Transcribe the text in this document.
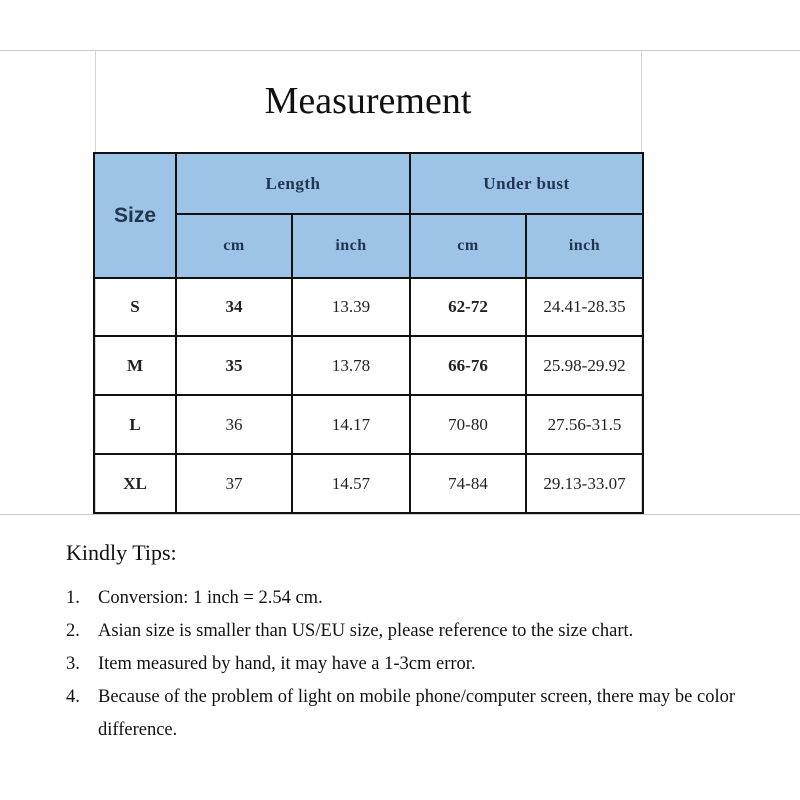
Measurement
Size	Length		Under bust	
	cm	inch	cm	inch
S	34	13.39	62-72	24.41-28.35
M	35	13.78	66-76	25.98-29.92
L	36	14.17	70-80	27.56-31.5
XL	37	14.57	74-84	29.13-33.07
Kindly Tips:
1. Conversion: 1 inch = 2.54 cm.
2. Asian size is smaller than US/EU size, please reference to the size chart.
3. Item measured by hand, it may have a 1-3cm error.
4. Because of the problem of light on mobile phone/computer screen, there may be color difference.
